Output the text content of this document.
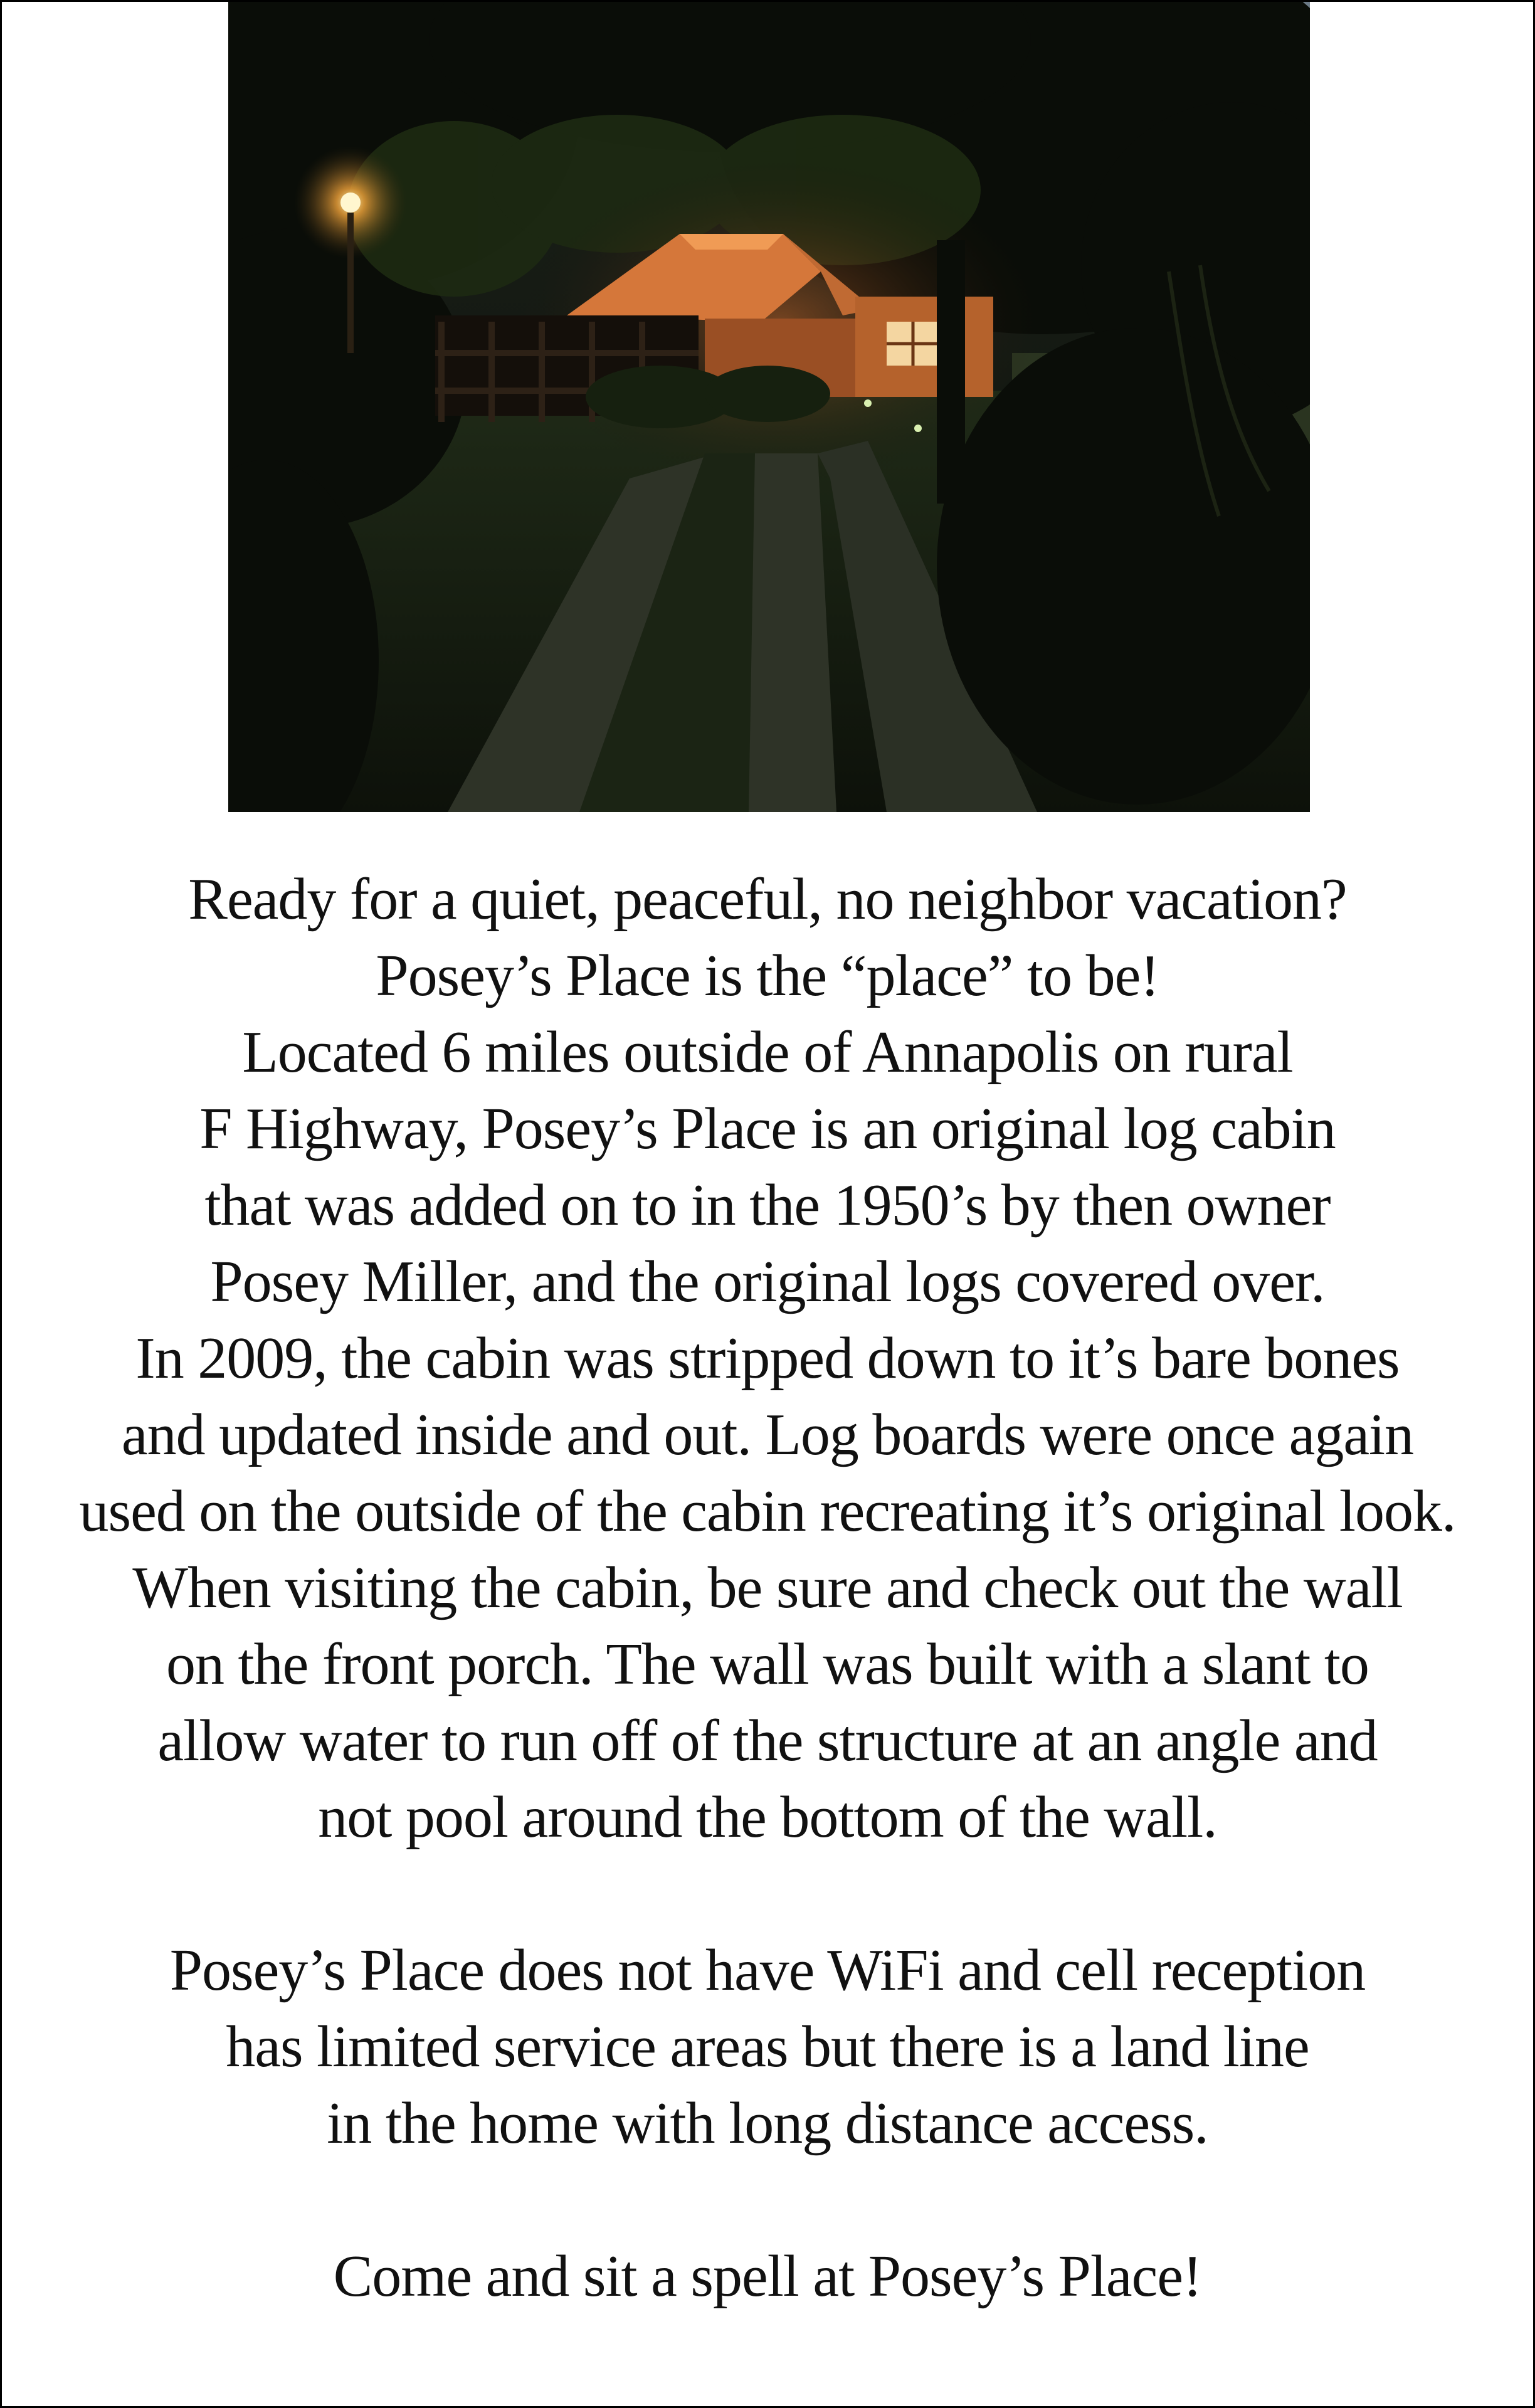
Ready for a quiet, peaceful, no neighbor vacation?
Posey’s Place is the “place” to be!
Located 6 miles outside of Annapolis on rural
F Highway, Posey’s Place is an original log cabin
that was added on to in the 1950’s by then owner
Posey Miller, and the original logs covered over.
In 2009, the cabin was stripped down to it’s bare bones
and updated inside and out. Log boards were once again
used on the outside of the cabin recreating it’s original look.
When visiting the cabin, be sure and check out the wall
on the front porch. The wall was built with a slant to
allow water to run off of the structure at an angle and
not pool around the bottom of the wall.
Posey’s Place does not have WiFi and cell reception
has limited service areas but there is a land line
in the home with long distance access.
Come and sit a spell at Posey’s Place!
